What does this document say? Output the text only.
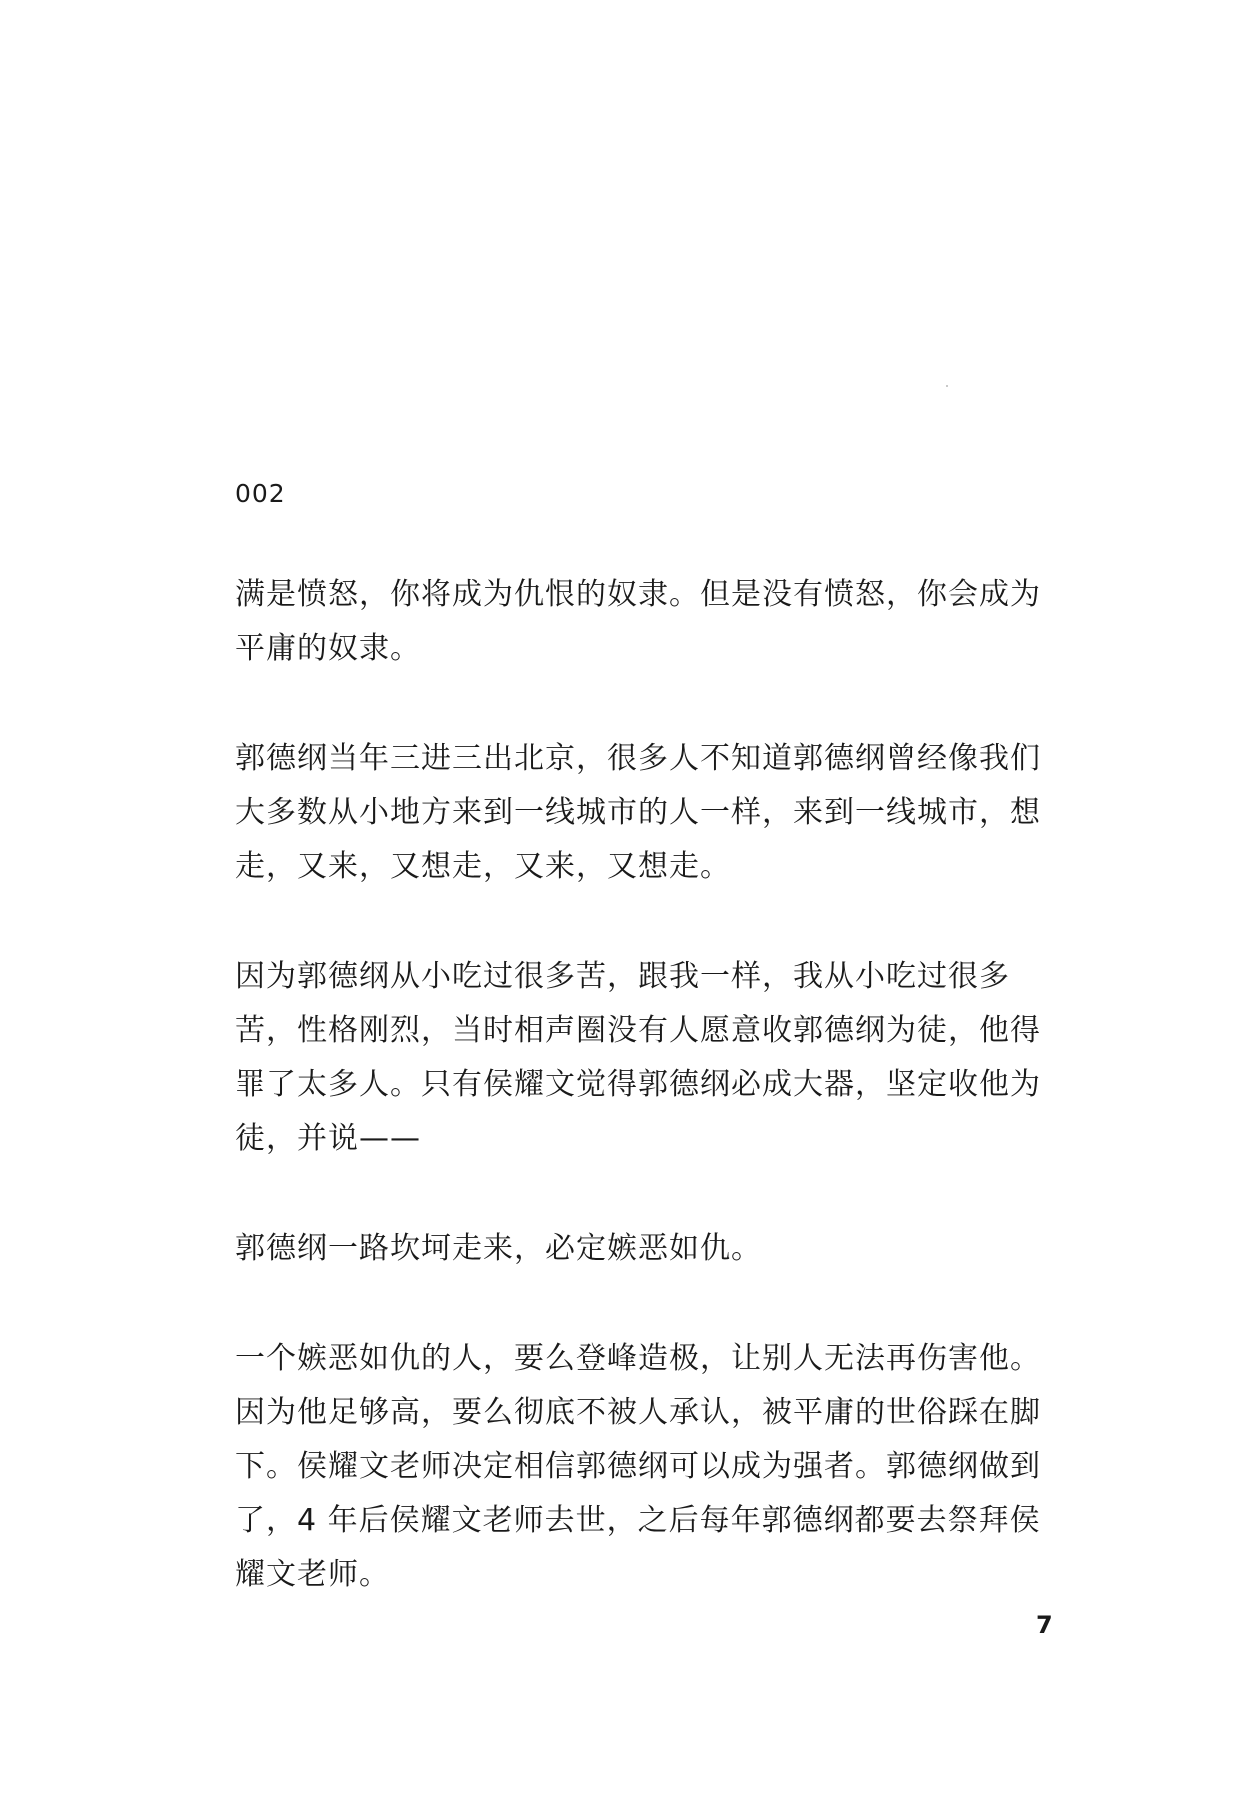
002

满是愤怒，你将成为仇恨的奴隶。但是没有愤怒，你会成为平庸的奴隶。

郭德纲当年三进三出北京，很多人不知道郭德纲曾经像我们大多数从小地方来到一线城市的人一样，来到一线城市，想走，又来，又想走，又来，又想走。

因为郭德纲从小吃过很多苦，跟我一样，我从小吃过很多苦，性格刚烈，当时相声圈没有人愿意收郭德纲为徒，他得罪了太多人。只有侯耀文觉得郭德纲必成大器，坚定收他为徒，并说——

郭德纲一路坎坷走来，必定嫉恶如仇。

一个嫉恶如仇的人，要么登峰造极，让别人无法再伤害他。因为他足够高，要么彻底不被人承认，被平庸的世俗踩在脚下。侯耀文老师决定相信郭德纲可以成为强者。郭德纲做到了，4 年后侯耀文老师去世，之后每年郭德纲都要去祭拜侯耀文老师。

7
